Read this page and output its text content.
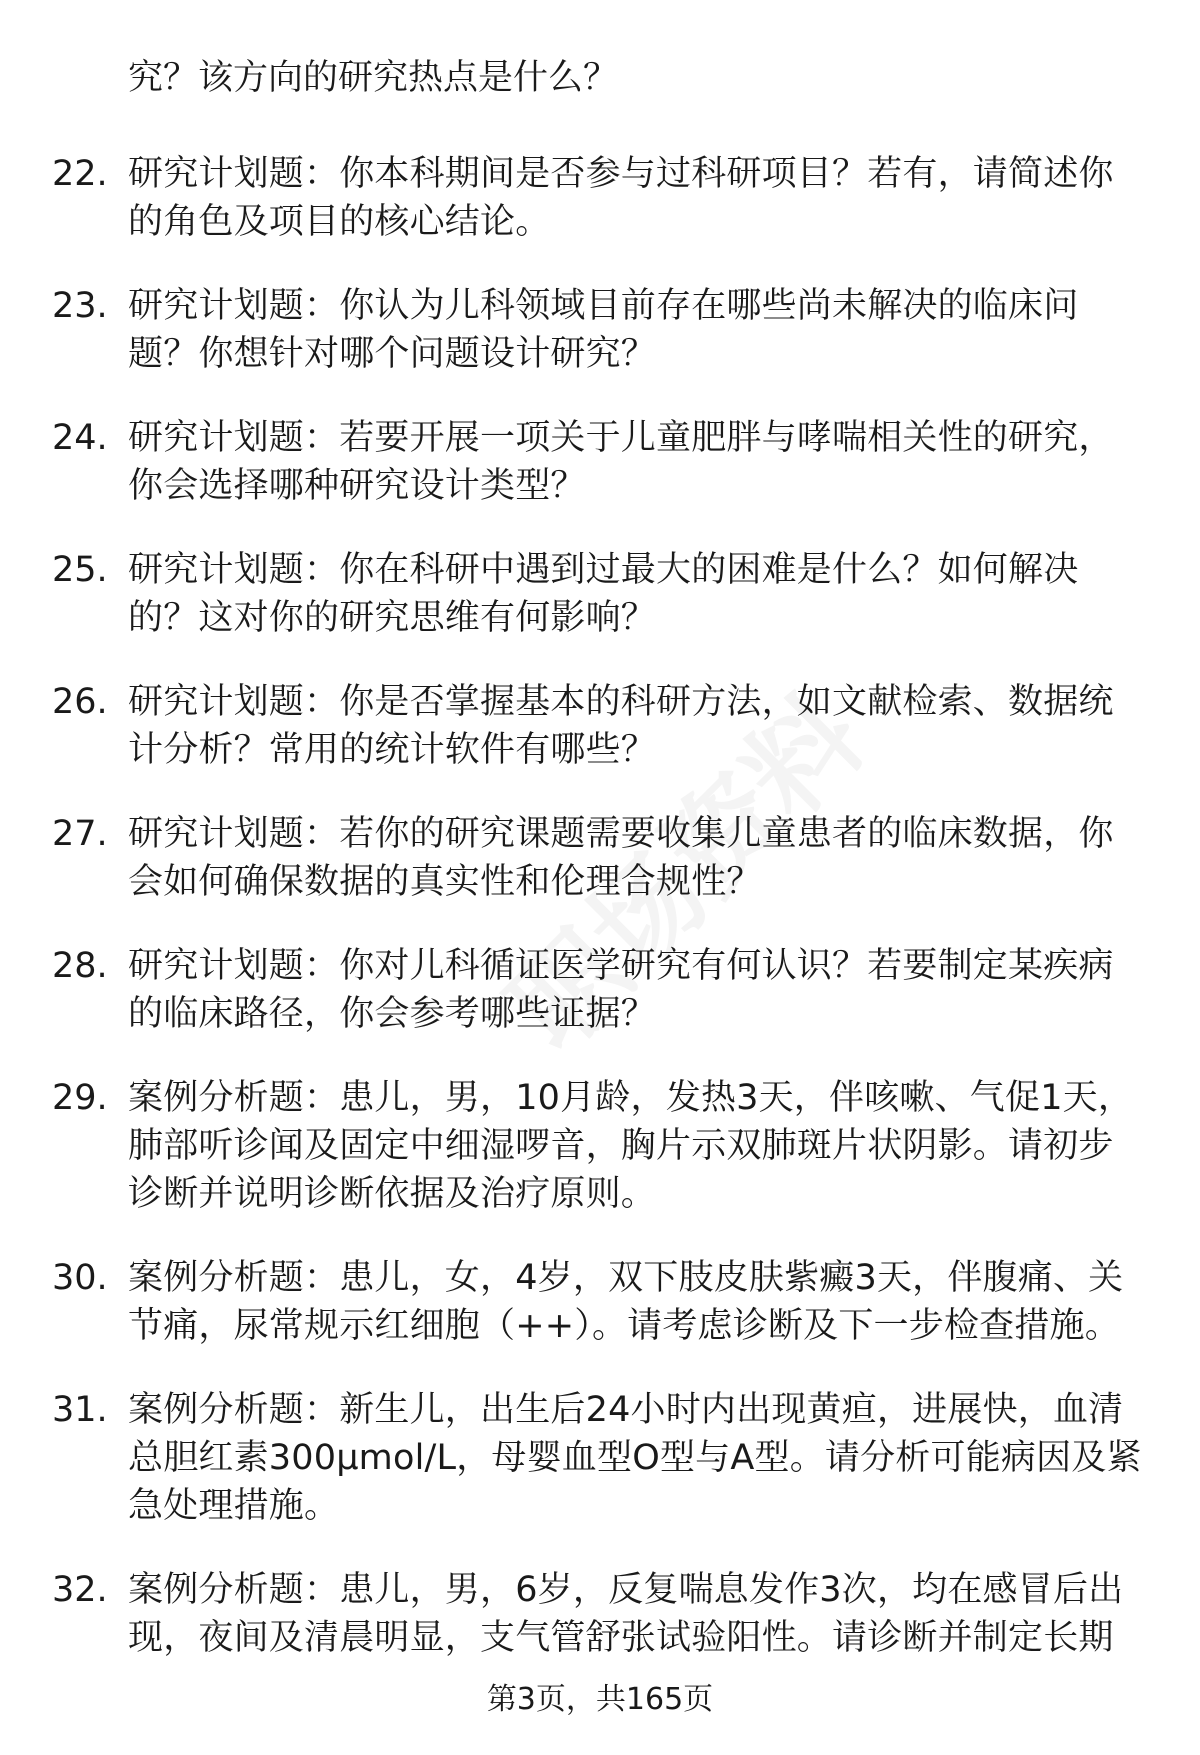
究？该方向的研究热点是什么？
22. 研究计划题：你本科期间是否参与过科研项目？若有，请简述你的角色及项目的核心结论。
23. 研究计划题：你认为儿科领域目前存在哪些尚未解决的临床问题？你想针对哪个问题设计研究？
24. 研究计划题：若要开展一项关于儿童肥胖与哮喘相关性的研究，你会选择哪种研究设计类型？
25. 研究计划题：你在科研中遇到过最大的困难是什么？如何解决的？这对你的研究思维有何影响？
26. 研究计划题：你是否掌握基本的科研方法，如文献检索、数据统计分析？常用的统计软件有哪些？
27. 研究计划题：若你的研究课题需要收集儿童患者的临床数据，你会如何确保数据的真实性和伦理合规性？
28. 研究计划题：你对儿科循证医学研究有何认识？若要制定某疾病的临床路径，你会参考哪些证据？
29. 案例分析题：患儿，男，10月龄，发热3天，伴咳嗽、气促1天，肺部听诊闻及固定中细湿啰音，胸片示双肺斑片状阴影。请初步诊断并说明诊断依据及治疗原则。
30. 案例分析题：患儿，女，4岁，双下肢皮肤紫癜3天，伴腹痛、关节痛，尿常规示红细胞（++）。请考虑诊断及下一步检查措施。
31. 案例分析题：新生儿，出生后24小时内出现黄疸，进展快，血清总胆红素300μmol/L，母婴血型O型与A型。请分析可能病因及紧急处理措施。
32. 案例分析题：患儿，男，6岁，反复喘息发作3次，均在感冒后出现，夜间及清晨明显，支气管舒张试验阳性。请诊断并制定长期
第3页，共165页
